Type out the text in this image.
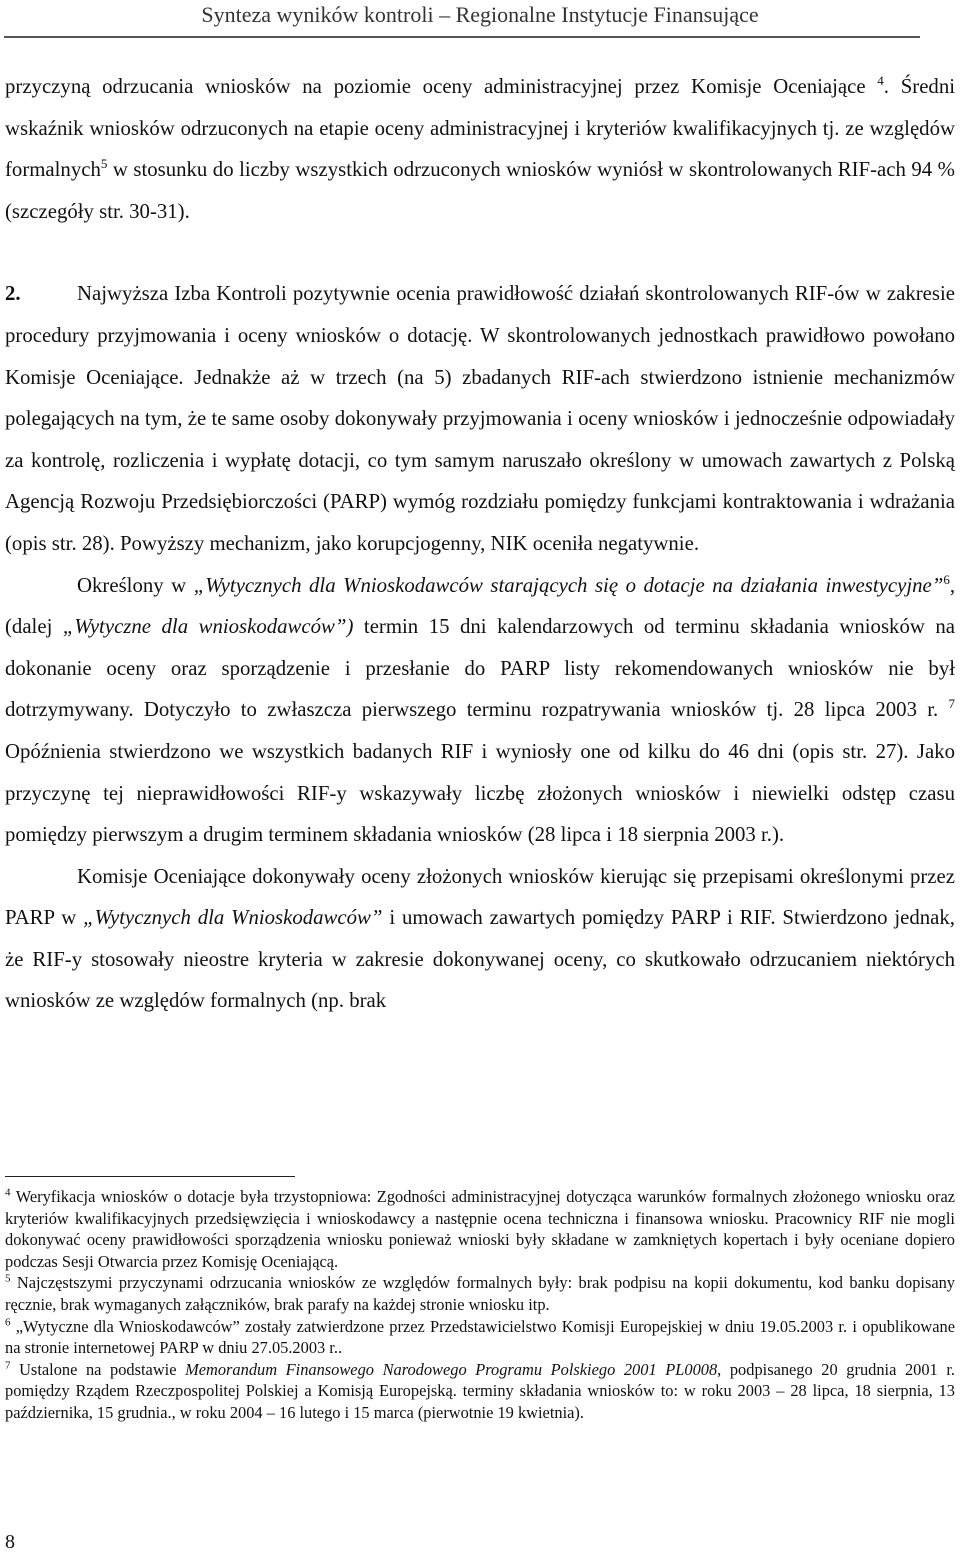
Synteza wyników kontroli – Regionalne Instytucje Finansujące

przyczyną odrzucania wniosków na poziomie oceny administracyjnej przez Komisje Oceniające $^4$. Średni wskaźnik wniosków odrzuconych na etapie oceny administracyjnej i kryteriów kwalifikacyjnych tj. ze względów formalnych$^5$ w stosunku do liczby wszystkich odrzuconych wniosków wyniósł w skontrolowanych RIF-ach 94 % (szczegóły str. 30-31).

2.	Najwyższa Izba Kontroli pozytywnie ocenia prawidłowość działań skontrolowanych RIF-ów w zakresie procedury przyjmowania i oceny wniosków o dotację. W skontrolowanych jednostkach prawidłowo powołano Komisje Oceniające. Jednakże aż w trzech (na 5) zbadanych RIF-ach stwierdzono istnienie mechanizmów polegających na tym, że te same osoby dokonywały przyjmowania i oceny wniosków i jednocześnie odpowiadały za kontrolę, rozliczenia i wypłatę dotacji, co tym samym naruszało określony w umowach zawartych z Polską Agencją Rozwoju Przedsiębiorczości (PARP) wymóg rozdziału pomiędzy funkcjami kontraktowania i wdrażania (opis str. 28). Powyższy mechanizm, jako korupcjogenny, NIK oceniła negatywnie.

Określony w „Wytycznych dla Wnioskodawców starających się o dotacje na działania inwestycyjne”$^6$, (dalej „Wytyczne dla wnioskodawców”) termin 15 dni kalendarzowych od terminu składania wniosków na dokonanie oceny oraz sporządzenie i przesłanie do PARP listy rekomendowanych wniosków nie był dotrzymywany. Dotyczyło to zwłaszcza pierwszego terminu rozpatrywania wniosków tj. 28 lipca 2003 r. $^7$ Opóźnienia stwierdzono we wszystkich badanych RIF i wyniosły one od kilku do 46 dni (opis str. 27). Jako przyczynę tej nieprawidłowości RIF-y wskazywały liczbę złożonych wniosków i niewielki odstęp czasu pomiędzy pierwszym a drugim terminem składania wniosków (28 lipca i 18 sierpnia 2003 r.).

Komisje Oceniające dokonywały oceny złożonych wniosków kierując się przepisami określonymi przez PARP w „Wytycznych dla Wnioskodawców” i umowach zawartych pomiędzy PARP i RIF. Stwierdzono jednak, że RIF-y stosowały nieostre kryteria w zakresie dokonywanej oceny, co skutkowało odrzucaniem niektórych wniosków ze względów formalnych (np. brak

$^4$ Weryfikacja wniosków o dotacje była trzystopniowa: Zgodności administracyjnej dotycząca warunków formalnych złożonego wniosku oraz kryteriów kwalifikacyjnych przedsięwzięcia i wnioskodawcy a następnie ocena techniczna i finansowa wniosku. Pracownicy RIF nie mogli dokonywać oceny prawidłowości sporządzenia wniosku ponieważ wnioski były składane w zamkniętych kopertach i były oceniane dopiero podczas Sesji Otwarcia przez Komisję Oceniającą.

$^5$ Najczęstszymi przyczynami odrzucania wniosków ze względów formalnych były: brak podpisu na kopii dokumentu, kod banku dopisany ręcznie, brak wymaganych załączników, brak parafy na każdej stronie wniosku itp.

$^6$ „Wytyczne dla Wnioskodawców” zostały zatwierdzone przez Przedstawicielstwo Komisji Europejskiej w dniu 19.05.2003 r. i opublikowane na stronie internetowej PARP w dniu 27.05.2003 r..

$^7$ Ustalone na podstawie Memorandum Finansowego Narodowego Programu Polskiego 2001 PL0008, podpisanego 20 grudnia 2001 r. pomiędzy Rządem Rzeczpospolitej Polskiej a Komisją Europejską. terminy składania wniosków to: w roku 2003 – 28 lipca, 18 sierpnia, 13 października, 15 grudnia., w roku 2004 – 16 lutego i 15 marca (pierwotnie 19 kwietnia).

8
